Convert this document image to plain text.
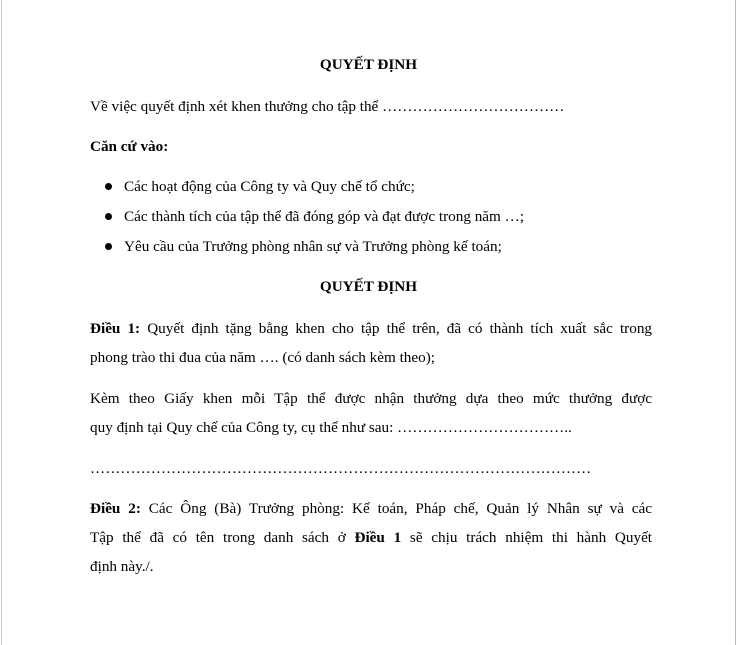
QUYẾT ĐỊNH
Về việc quyết định xét khen thưởng cho tập thể ………………………………
Căn cứ vào:
Các hoạt động của Công ty và Quy chế tổ chức;
Các thành tích của tập thể đã đóng góp và đạt được trong năm …;
Yêu cầu của Trưởng phòng nhân sự và Trưởng phòng kế toán;
QUYẾT ĐỊNH
Điều 1: Quyết định tặng bằng khen cho tập thể trên, đã có thành tích xuất sắc trong
phong trào thi đua của năm …. (có danh sách kèm theo);
Kèm theo Giấy khen mỗi Tập thể được nhận thưởng dựa theo mức thưởng được
quy định tại Quy chế của Công ty, cụ thể như sau: ……………………………..
………………………………………………………………………………………
Điều 2: Các Ông (Bà) Trưởng phòng: Kế toán, Pháp chế, Quản lý Nhân sự và các
Tập thể đã có tên trong danh sách ở Điều 1 sẽ chịu trách nhiệm thi hành Quyết
định này./.
